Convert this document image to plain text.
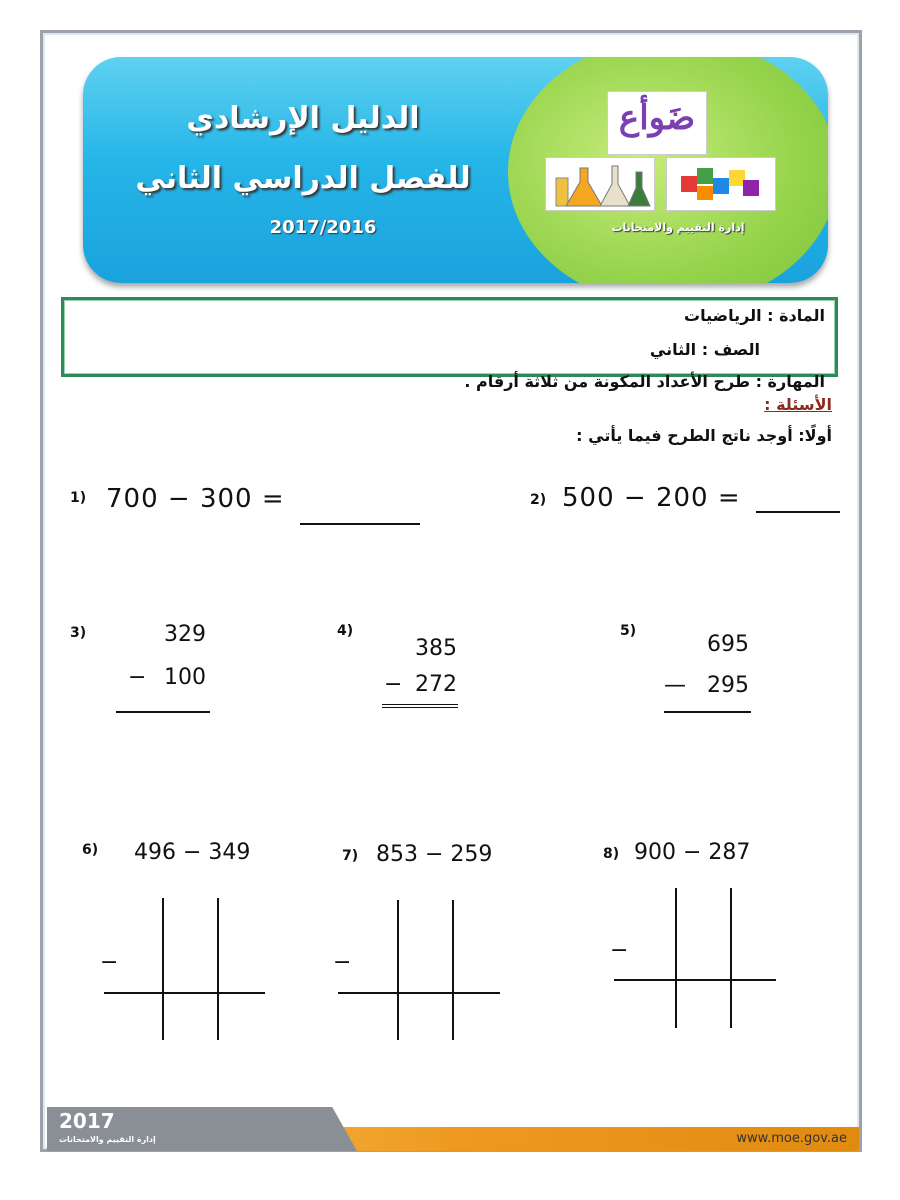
الدليل الإرشادي
للفصل الدراسي الثاني
2017/2016
ضَوأع
إدارة التقييم والامتحانات
المادة : الرياضيات
الصف : الثاني
المهارة : طرح الأعداد المكونة من ثلاثة أرقام .
الأسئلة :
أولًا: أوجد ناتج الطرح فيما يأتي :
1) 700 − 300 =	2) 500 − 200 =
3)	329
− 100
4)
385
− 272
5)
695
— 295
6) 496 − 349
−
7) 853 − 259
−
8) 900 − 287
−
2017
إدارة التقييم والامتحانات	www.moe.gov.ae
